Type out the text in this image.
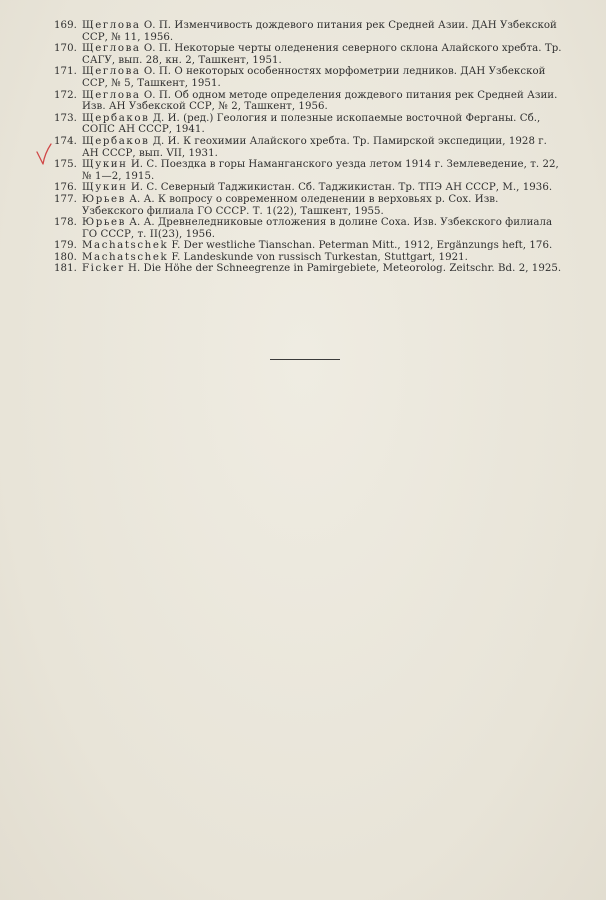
169. Щеглова О. П. Изменчивость дождевого питания рек Средней Азии. ДАН Узбекской ССР, № 11, 1956.
170. Щеглова О. П. Некоторые черты оледенения северного склона Алайского хребта. Тр. САГУ, вып. 28, кн. 2, Ташкент, 1951.
171. Щеглова О. П. О некоторых особенностях морфометрии ледников. ДАН Узбекской ССР, № 5, Ташкент, 1951.
172. Щеглова О. П. Об одном методе определения дождевого питания рек Средней Азии. Изв. АН Узбекской ССР, № 2, Ташкент, 1956.
173. Щербаков Д. И. (ред.) Геология и полезные ископаемые восточной Ферганы. Сб., СОПС АН СССР, 1941.
174. Щербаков Д. И. К геохимии Алайского хребта. Тр. Памирской экспедиции, 1928 г. АН СССР, вып. VII, 1931.
175. Щукин И. С. Поездка в горы Наманганского уезда летом 1914 г. Землеведение, т. 22, № 1—2, 1915.
176. Щукин И. С. Северный Таджикистан. Сб. Таджикистан. Тр. ТПЭ АН СССР, М., 1936.
177. Юрьев А. А. К вопросу о современном оледенении в верховьях р. Сох. Изв. Узбекского филиала ГО СССР. Т. 1(22), Ташкент, 1955.
178. Юрьев А. А. Древнеледниковые отложения в долине Соха. Изв. Узбекского филиала ГО СССР, т. II(23), 1956.
179. Machatschek F. Der westliche Tianschan. Peterman Mitt., 1912, Ergänzungs heft, 176.
180. Machatschek F. Landeskunde von russisch Turkestan, Stuttgart, 1921.
181. Ficker H. Die Höhe der Schneegrenze in Pamirgebiete, Meteorolog. Zeitschr. Bd. 2, 1925.
